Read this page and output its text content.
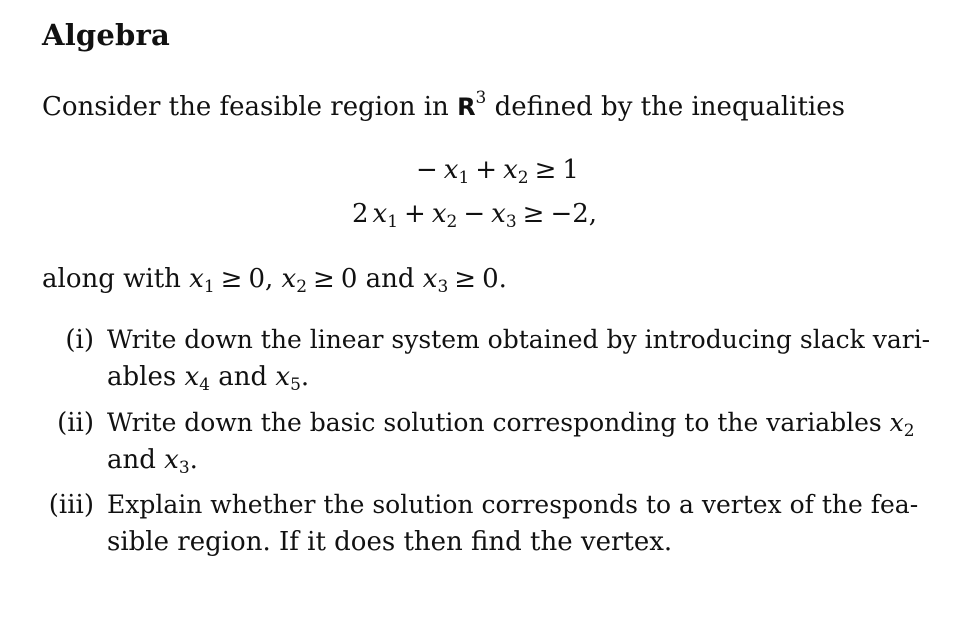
Algebra
Consider the feasible region in $R^3$ defined by the inequalities
− $x_1 + x_2 \ge 1$
2 $x_1 + x_2 - x_3 \ge -2$,
along with $x_1 \ge 0$, $x_2 \ge 0$ and $x_3 \ge 0$.
(i) Write down the linear system obtained by introducing slack vari-
ables $x_4$ and $x_5$.
(ii) Write down the basic solution corresponding to the variables $x_2$
and $x_3$.
(iii) Explain whether the solution corresponds to a vertex of the fea-
sible region. If it does then find the vertex.
